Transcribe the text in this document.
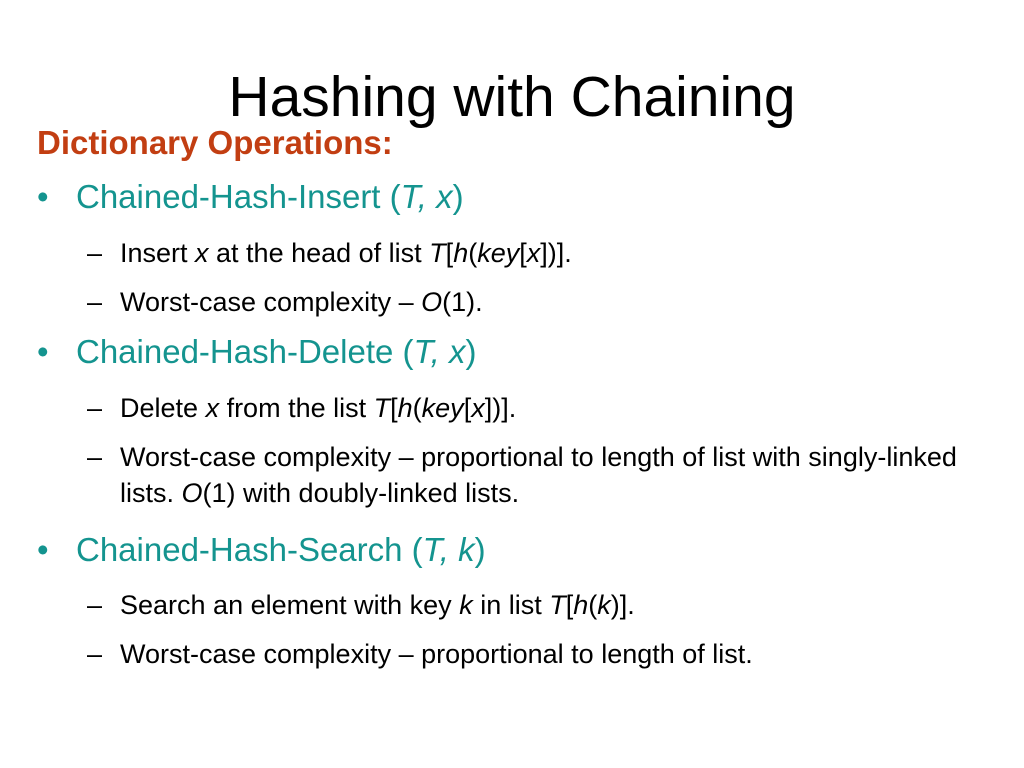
Hashing with Chaining
Dictionary Operations:
• Chained-Hash-Insert (T, x)
– Insert x at the head of list T[h(key[x])].
– Worst-case complexity – O(1).
• Chained-Hash-Delete (T, x)
– Delete x from the list T[h(key[x])].
– Worst-case complexity – proportional to length of list with singly-linked lists. O(1) with doubly-linked lists.
• Chained-Hash-Search (T, k)
– Search an element with key k in list T[h(k)].
– Worst-case complexity – proportional to length of list.
